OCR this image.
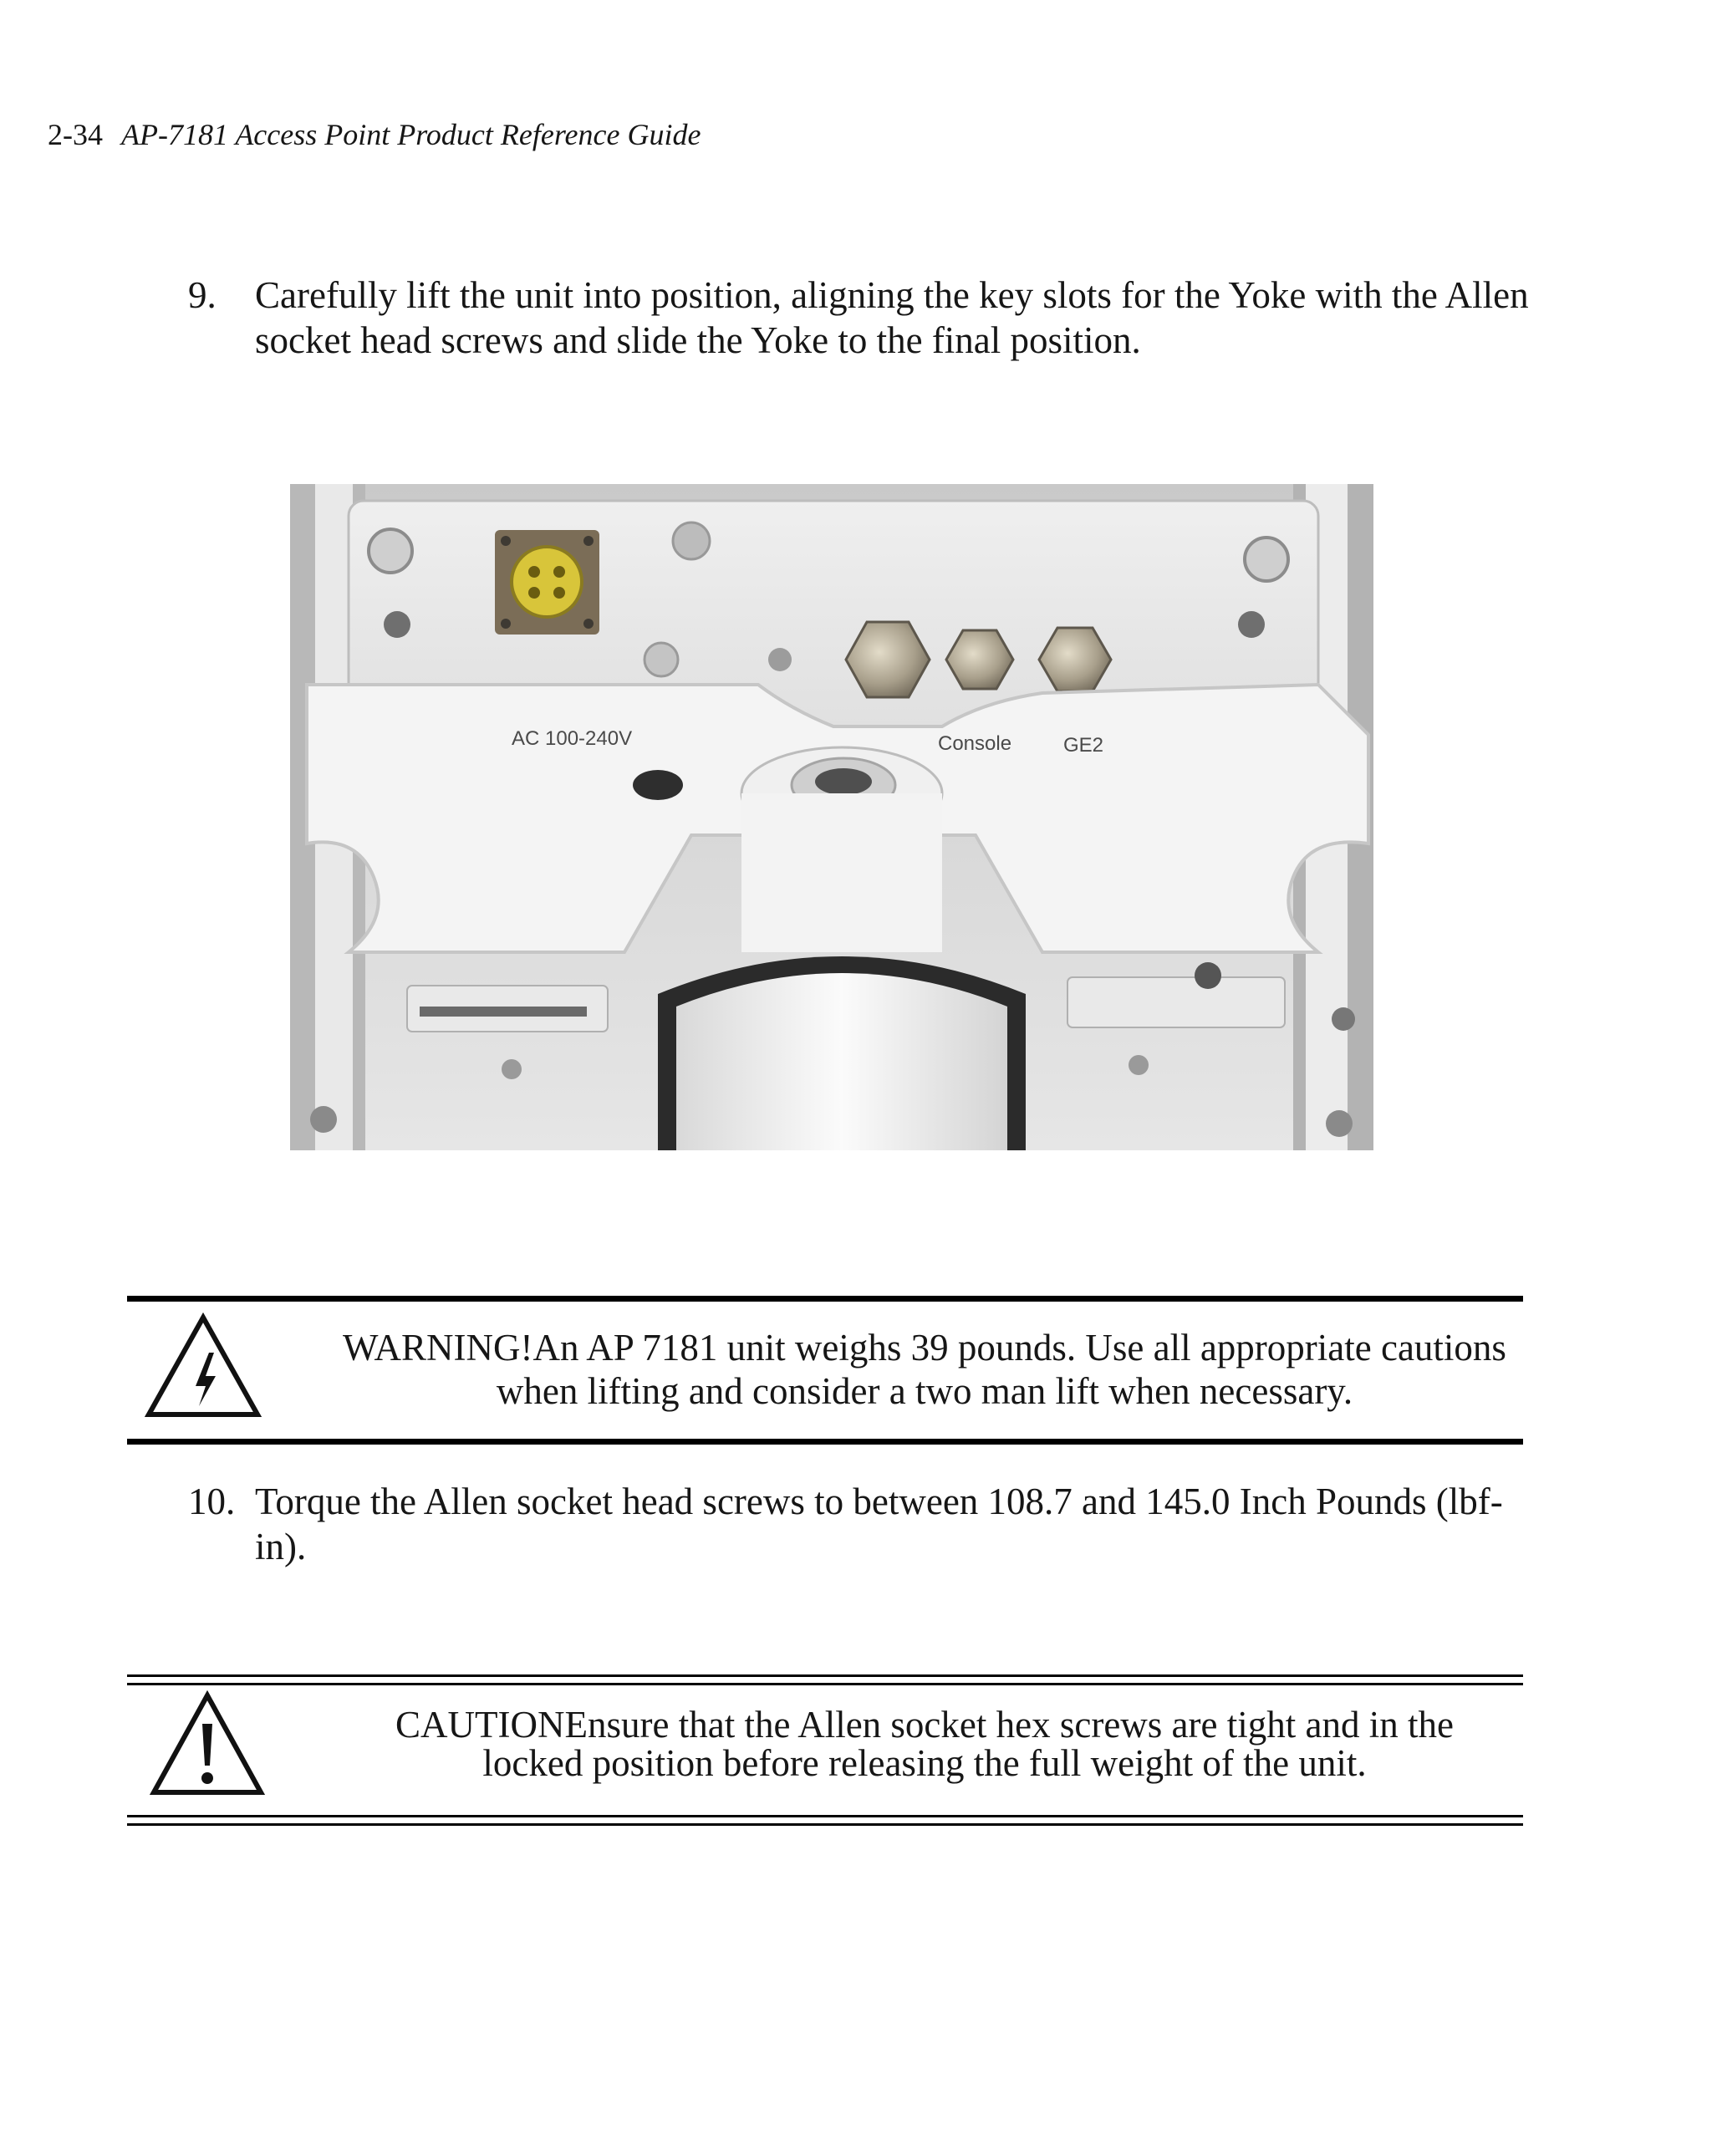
2-34 AP-7181 Access Point Product Reference Guide
9.	Carefully lift the unit into position, aligning the key slots for the Yoke with the Allen socket head screws and slide the Yoke to the final position.
AC 100-240V	Console	GE2
WARNING!An AP 7181 unit weighs 39 pounds. Use all appropriate cautions
when lifting and consider a two man lift when necessary.
10. Torque the Allen socket head screws to between 108.7 and 145.0 Inch Pounds (lbf-in).
CAUTIONEnsure that the Allen socket hex screws are tight and in the
locked position before releasing the full weight of the unit.
